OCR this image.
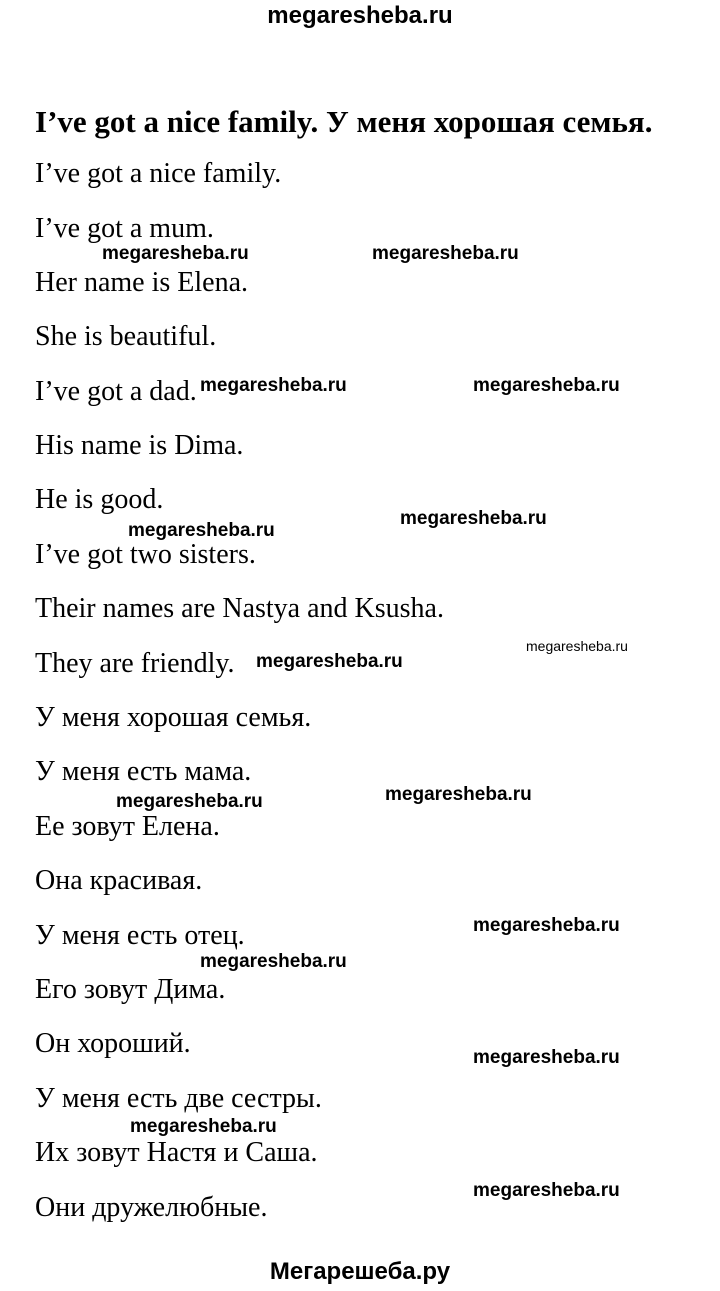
megaresheba.ru
I’ve got a nice family. У меня хорошая семья.
I’ve got a nice family.
I’ve got a mum.
Her name is Elena.
She is beautiful.
I’ve got a dad.
His name is Dima.
He is good.
I’ve got two sisters.
Their names are Nastya and Ksusha.
They are friendly.
У меня хорошая семья.
У меня есть мама.
Ее зовут Елена.
Она красивая.
У меня есть отец.
Его зовут Дима.
Он хороший.
У меня есть две сестры.
Их зовут Настя и Саша.
Они дружелюбные.
megaresheba.ru	megaresheba.ru
megaresheba.ru	megaresheba.ru
megaresheba.ru
megaresheba.ru
megaresheba.ru
megaresheba.ru
megaresheba.ru
megaresheba.ru
megaresheba.ru
megaresheba.ru
megaresheba.ru
megaresheba.ru
megaresheba.ru
Мегарешеба.ру
